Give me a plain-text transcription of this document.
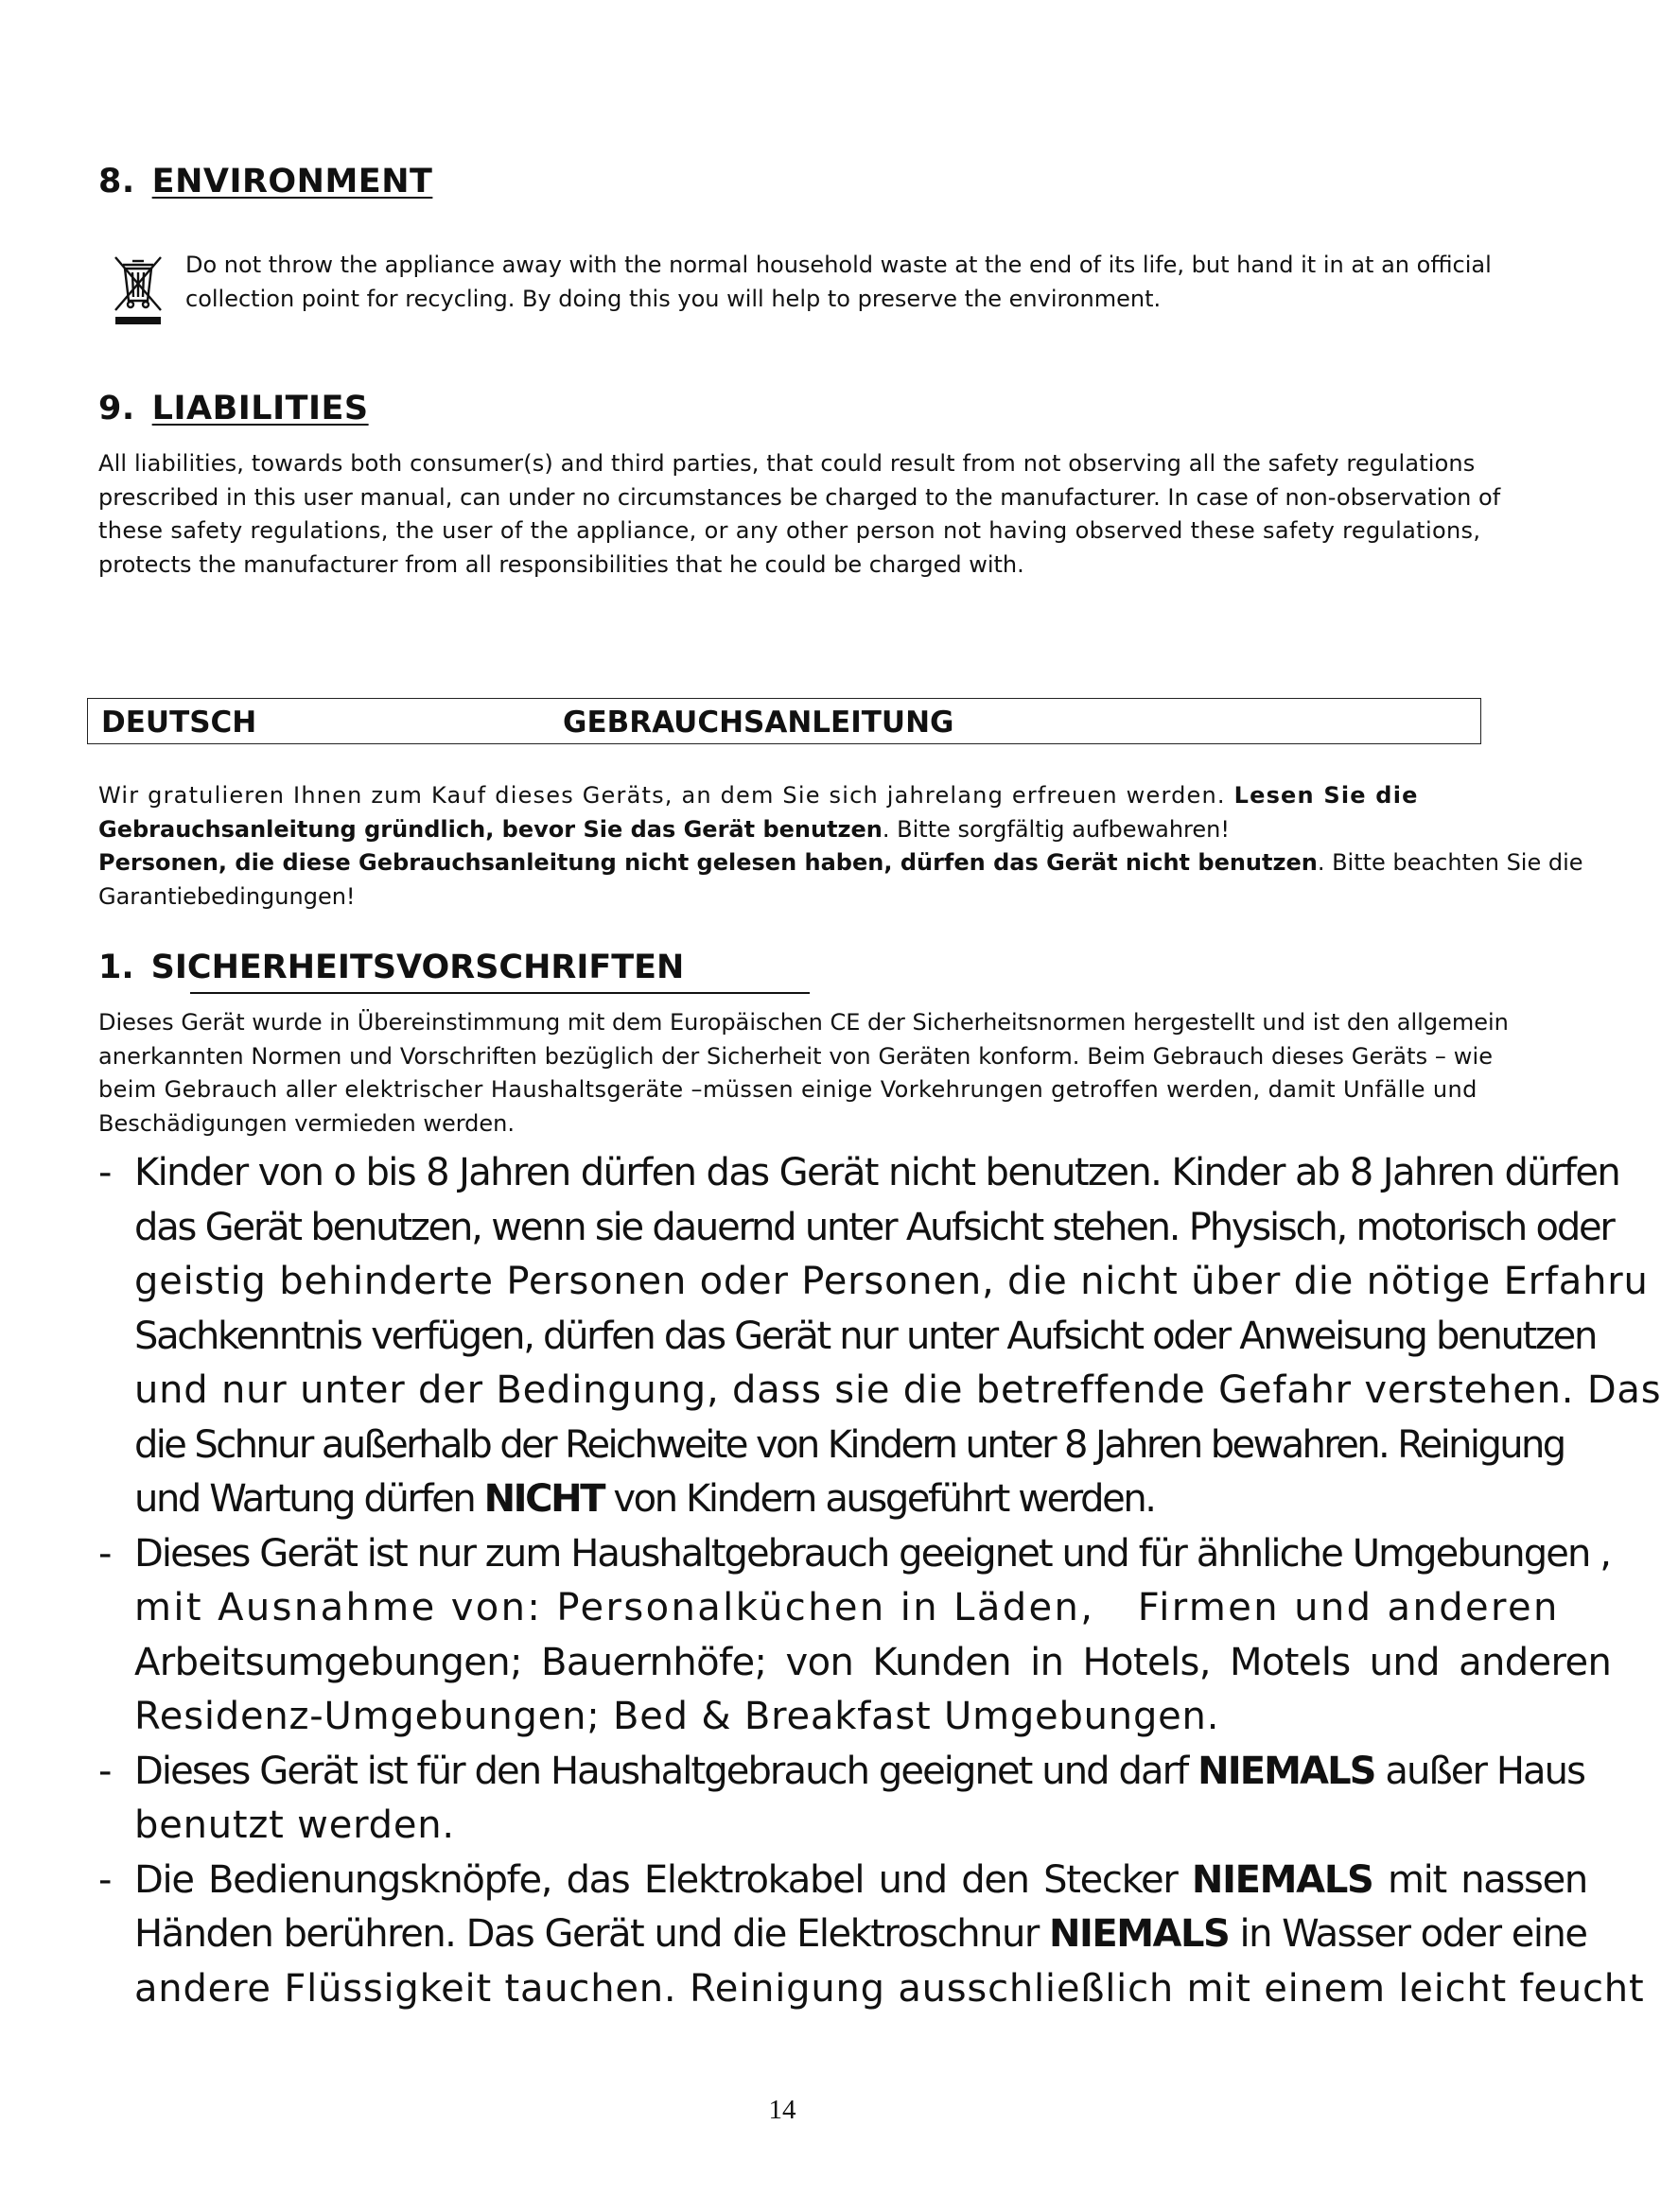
8. ENVIRONMENT
Do not throw the appliance away with the normal household waste at the end of its life, but hand it in at an official
collection point for recycling. By doing this you will help to preserve the environment.
9. LIABILITIES
All liabilities, towards both consumer(s) and third parties, that could result from not observing all the safety regulations
prescribed in this user manual, can under no circumstances be charged to the manufacturer. In case of non-observation of
these safety regulations, the user of the appliance, or any other person not having observed these safety regulations,
protects the manufacturer from all responsibilities that he could be charged with.
DEUTSCH	GEBRAUCHSANLEITUNG
Wir gratulieren Ihnen zum Kauf dieses Geräts, an dem Sie sich jahrelang erfreuen werden. Lesen Sie die
Gebrauchsanleitung gründlich, bevor Sie das Gerät benutzen. Bitte sorgfältig aufbewahren!
Personen, die diese Gebrauchsanleitung nicht gelesen haben, dürfen das Gerät nicht benutzen. Bitte beachten Sie die
Garantiebedingungen!
1. SICHERHEITSVORSCHRIFTEN
Dieses Gerät wurde in Übereinstimmung mit dem Europäischen CE der Sicherheitsnormen hergestellt und ist den allgemein
anerkannten Normen und Vorschriften bezüglich der Sicherheit von Geräten konform. Beim Gebrauch dieses Geräts – wie
beim Gebrauch aller elektrischer Haushaltsgeräte –müssen einige Vorkehrungen getroffen werden, damit Unfälle und
Beschädigungen vermieden werden.
- Kinder von o bis 8 Jahren dürfen das Gerät nicht benutzen. Kinder ab 8 Jahren dürfen
das Gerät benutzen, wenn sie dauernd unter Aufsicht stehen. Physisch, motorisch oder
geistig behinderte Personen oder Personen, die nicht über die nötige Erfahru
Sachkenntnis verfügen, dürfen das Gerät nur unter Aufsicht oder Anweisung benutzen
und nur unter der Bedingung, dass sie die betreffende Gefahr verstehen. Das
die Schnur außerhalb der Reichweite von Kindern unter 8 Jahren bewahren. Reinigung
und Wartung dürfen NICHT von Kindern ausgeführt werden.
- Dieses Gerät ist nur zum Haushaltgebrauch geeignet und für ähnliche Umgebungen ,
mit Ausnahme von: Personalküchen in Läden,   Firmen und anderen
Arbeitsumgebungen; Bauernhöfe; von Kunden in Hotels, Motels und anderen
Residenz-Umgebungen; Bed & Breakfast Umgebungen.
- Dieses Gerät ist für den Haushaltgebrauch geeignet und darf NIEMALS außer Haus
benutzt werden.
- Die Bedienungsknöpfe, das Elektrokabel und den Stecker NIEMALS mit nassen
Händen berühren. Das Gerät und die Elektroschnur NIEMALS in Wasser oder eine
andere Flüssigkeit tauchen. Reinigung ausschließlich mit einem leicht feucht
14
